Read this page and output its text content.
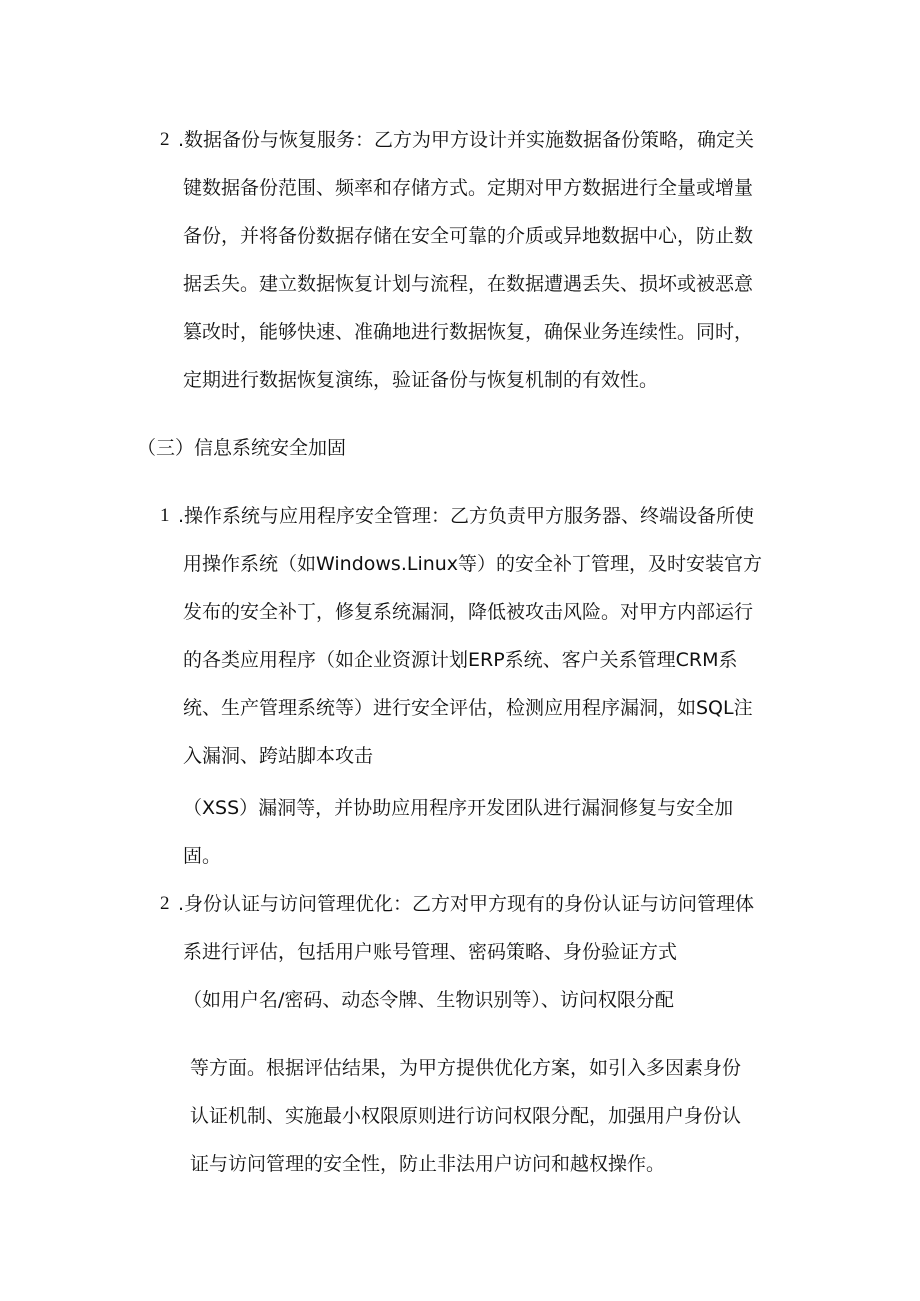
2 .数据备份与恢复服务：乙方为甲方设计并实施数据备份策略，确定关
键数据备份范围、频率和存储方式。定期对甲方数据进行全量或增量
备份，并将备份数据存储在安全可靠的介质或异地数据中心，防止数
据丢失。建立数据恢复计划与流程，在数据遭遇丢失、损坏或被恶意
篡改时，能够快速、准确地进行数据恢复，确保业务连续性。同时，
定期进行数据恢复演练，验证备份与恢复机制的有效性。
（三）信息系统安全加固
1 .操作系统与应用程序安全管理：乙方负责甲方服务器、终端设备所使
用操作系统（如Windows.Linux等）的安全补丁管理，及时安装官方
发布的安全补丁，修复系统漏洞，降低被攻击风险。对甲方内部运行
的各类应用程序（如企业资源计划ERP系统、客户关系管理CRM系
统、生产管理系统等）进行安全评估，检测应用程序漏洞，如SQL注
入漏洞、跨站脚本攻击
（XSS）漏洞等，并协助应用程序开发团队进行漏洞修复与安全加
固。
2 .身份认证与访问管理优化：乙方对甲方现有的身份认证与访问管理体
系进行评估，包括用户账号管理、密码策略、身份验证方式
（如用户名/密码、动态令牌、生物识别等）、访问权限分配
等方面。根据评估结果，为甲方提供优化方案，如引入多因素身份
认证机制、实施最小权限原则进行访问权限分配，加强用户身份认
证与访问管理的安全性，防止非法用户访问和越权操作。
